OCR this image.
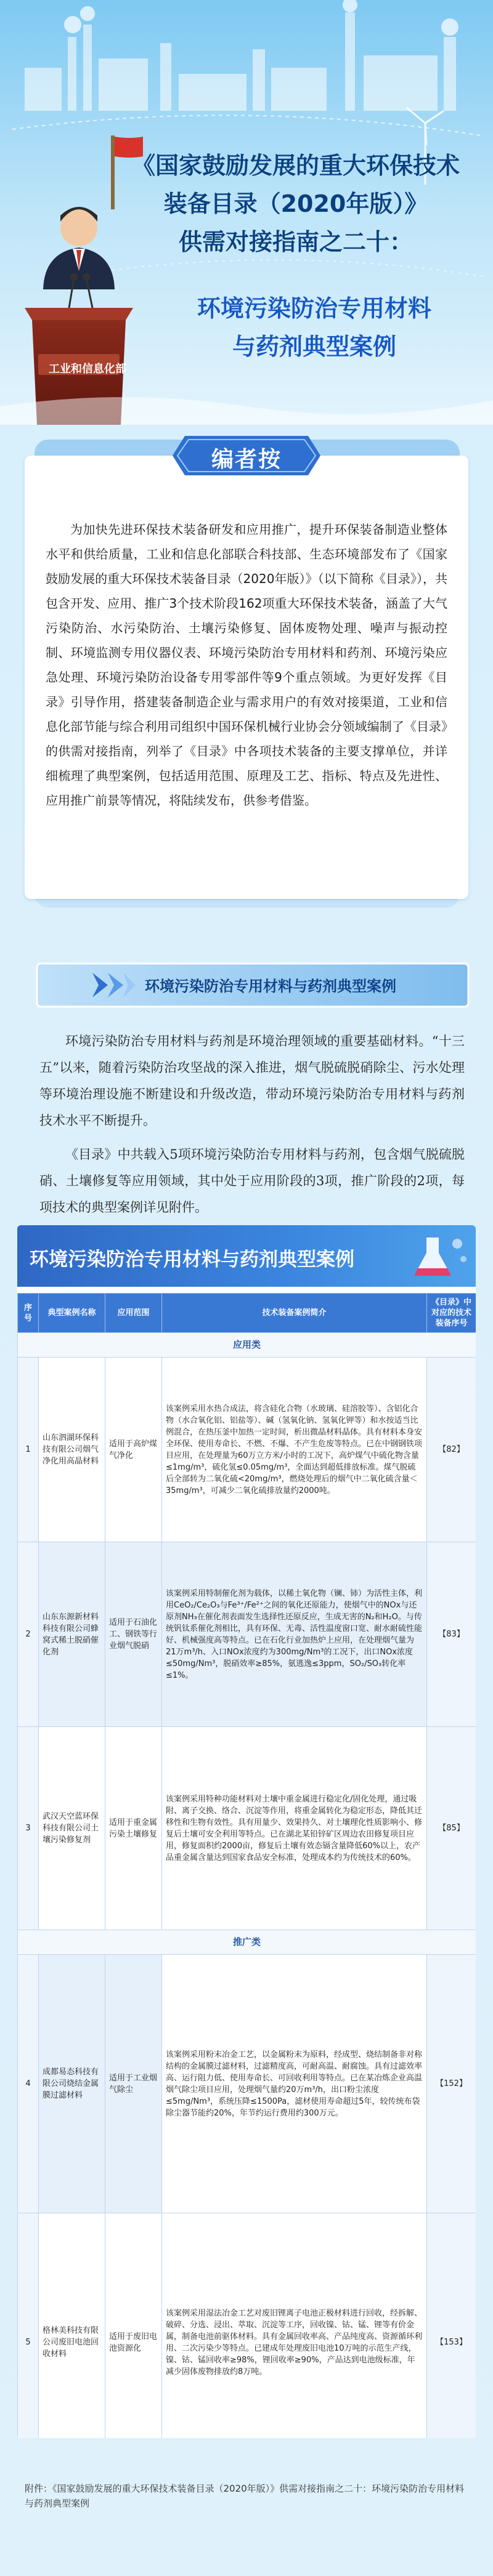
《国家鼓励发展的重大环保技术
装备目录（2020年版）》
供需对接指南之二十：
环境污染防治专用材料
与药剂典型案例
工业和信息化部
为加快先进环保技术装备研发和应用推广，提升环保装备制造业整体水平和供给质量，工业和信息化部联合科技部、生态环境部发布了《国家鼓励发展的重大环保技术装备目录（2020年版）》（以下简称《目录》），共包含开发、应用、推广3个技术阶段162项重大环保技术装备，涵盖了大气污染防治、水污染防治、土壤污染修复、固体废物处理、噪声与振动控制、环境监测专用仪器仪表、环境污染防治专用材料和药剂、环境污染应急处理、环境污染防治设备专用零部件等9个重点领域。为更好发挥《目录》引导作用，搭建装备制造企业与需求用户的有效对接渠道，工业和信息化部节能与综合利用司组织中国环保机械行业协会分领域编制了《目录》的供需对接指南，列举了《目录》中各项技术装备的主要支撑单位，并详细梳理了典型案例，包括适用范围、原理及工艺、指标、特点及先进性、应用推广前景等情况，将陆续发布，供参考借鉴。
编者按
环境污染防治专用材料与药剂典型案例

环境污染防治专用材料与药剂是环境治理领域的重要基础材料。“十三五”以来，随着污染防治攻坚战的深入推进，烟气脱硫脱硝除尘、污水处理等环境治理设施不断建设和升级改造，带动环境污染防治专用材料与药剂技术水平不断提升。

《目录》中共载入5项环境污染防治专用材料与药剂，包含烟气脱硫脱硝、土壤修复等应用领域，其中处于应用阶段的3项，推广阶段的2项，每项技术的典型案例详见附件。

环境污染防治专用材料与药剂典型案例
序号	典型案例名称	应用范围	技术装备案例简介	《目录》中对应的技术装备序号
应用类				
1	山东泗湖环保科技有限公司烟气净化用高晶材料	适用于高炉煤气净化	该案例采用水热合成法，将含硅化合物（水玻璃、硅溶胶等）、含铝化合物（水合氧化铝、铝盐等）、碱（氢氧化钠、氢氧化钾等）和水按适当比例混合，在热压釜中加热一定时间，析出微晶材料晶体。具有材料本身安全环保、使用寿命长、不燃、不爆、不产生危废等特点。已在中钢钢铁项目应用，在处理量为60万立方米/小时的工况下，高炉煤气中硫化物含量≤1mg/m³，硫化氢≤0.05mg/m³，全面达到超低排放标准。煤气脱硫后全部转为二氧化硫<20mg/m³，燃烧处理后的烟气中二氧化硫含量＜35mg/m³，可减少二氧化硫排放量约2000吨。	【82】
2	山东东源新材料科技有限公司蜂窝式稀土脱硝催化剂	适用于石油化工、钢铁等行业烟气脱硝	该案例采用特制催化剂为载体，以稀土氧化物（镧、铈）为活性主体，利用CeO₂/Ce₂O₃与Fe³⁺/Fe²⁺之间的氧化还原能力，使烟气中的NOx与还原剂NH₃在催化剂表面发生选择性还原反应，生成无害的N₂和H₂O。与传统钒钛系催化剂相比，具有环保、无毒、活性温度窗口宽、耐水耐硫性能好、机械强度高等特点。已在石化行业加热炉上应用，在处理烟气量为21万m³/h、入口NOx浓度约为300mg/Nm³的工况下，出口NOx浓度≤50mg/Nm³，脱硝效率≥85%，氨逃逸≤3ppm，SO₂/SO₃转化率≤1%。	【83】
3	武汉天空蓝环保科技有限公司土壤污染修复剂	适用于重金属污染土壤修复	该案例采用特种功能材料对土壤中重金属进行稳定化/固化处理，通过吸附、离子交换、络合、沉淀等作用，将重金属转化为稳定形态，降低其迁移性和生物有效性。具有用量少、效果持久、对土壤理化性质影响小、修复后土壤可安全利用等特点。已在湖北某铅锌矿区周边农田修复项目应用，修复面积约2000亩，修复后土壤有效态镉含量降低60%以上，农产品重金属含量达到国家食品安全标准，处理成本约为传统技术的60%。	【85】
推广类				
4	成都易态科技有限公司烧结金属膜过滤材料	适用于工业烟气除尘	该案例采用粉末冶金工艺，以金属粉末为原料，经成型、烧结制备非对称结构的金属膜过滤材料，过滤精度高，可耐高温、耐腐蚀。具有过滤效率高、运行阻力低、使用寿命长、可回收利用等特点。已在某冶炼企业高温烟气除尘项目应用，处理烟气量约20万m³/h，出口粉尘浓度≤5mg/Nm³，系统压降≤1500Pa，滤材使用寿命超过5年，较传统布袋除尘器节能约20%，年节约运行费用约300万元。	【152】
5	格林美科技有限公司废旧电池回收材料	适用于废旧电池资源化	该案例采用湿法冶金工艺对废旧锂离子电池正极材料进行回收，经拆解、破碎、分选、浸出、萃取、沉淀等工序，回收镍、钴、锰、锂等有价金属，制备电池前驱体材料。具有金属回收率高、产品纯度高、资源循环利用、二次污染少等特点。已建成年处理废旧电池10万吨的示范生产线，镍、钴、锰回收率≥98%，锂回收率≥90%，产品达到电池级标准，年减少固体废物排放约8万吨。	【153】
附件：《国家鼓励发展的重大环保技术装备目录（2020年版）》供需对接指南之二十：环境污染防治专用材料与药剂典型案例
